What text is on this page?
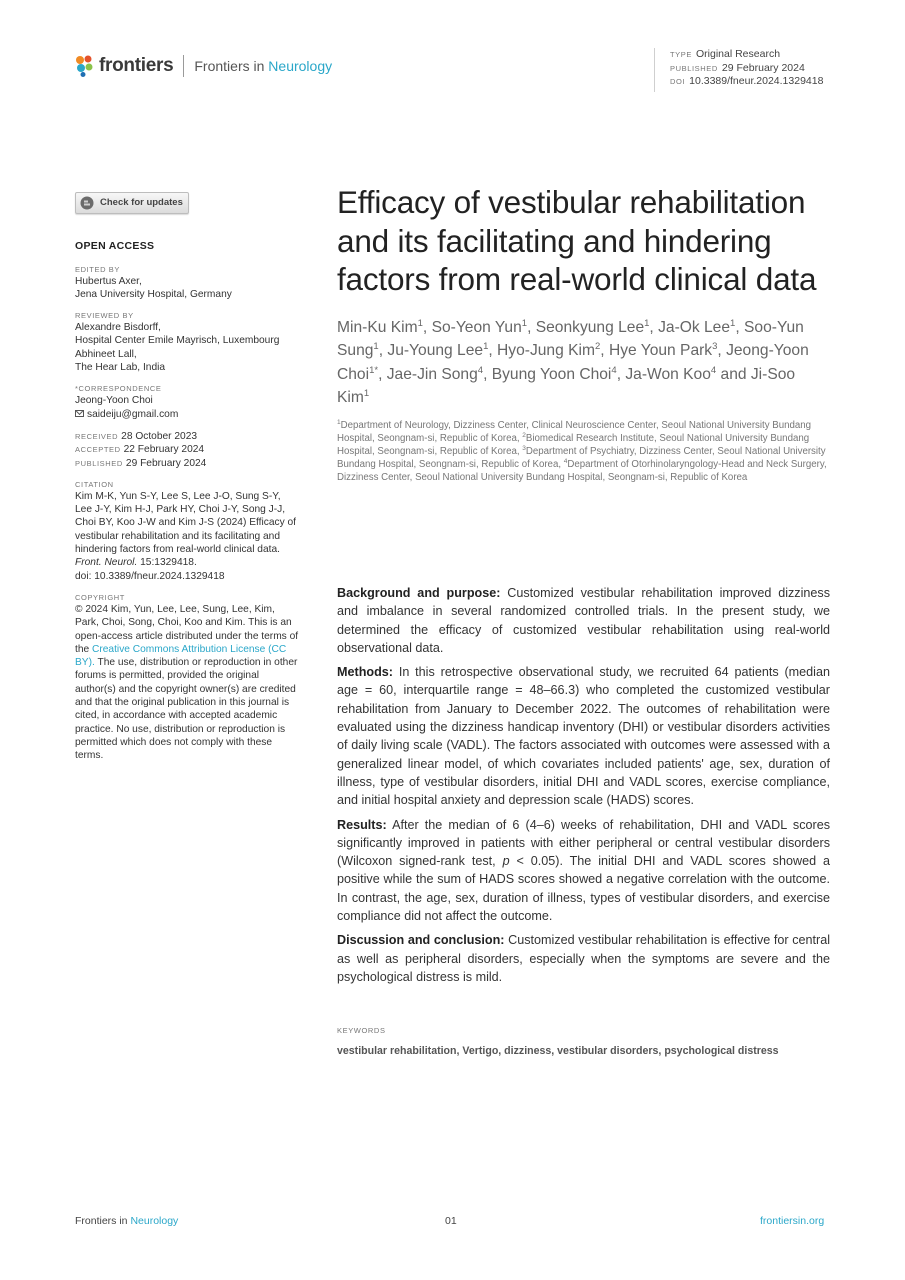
frontiers Frontiers in Neurology
TYPE Original Research
PUBLISHED 29 February 2024
DOI 10.3389/fneur.2024.1329418
Check for updates
OPEN ACCESS
EDITED BY
Hubertus Axer,
Jena University Hospital, Germany
REVIEWED BY
Alexandre Bisdorff,
Hospital Center Emile Mayrisch, Luxembourg
Abhineet Lall,
The Hear Lab, India
*CORRESPONDENCE
Jeong-Yoon Choi
saideiju@gmail.com
RECEIVED 28 October 2023
ACCEPTED 22 February 2024
PUBLISHED 29 February 2024
CITATION
Kim M-K, Yun S-Y, Lee S, Lee J-O, Sung S-Y, Lee J-Y, Kim H-J, Park HY, Choi J-Y, Song J-J, Choi BY, Koo J-W and Kim J-S (2024) Efficacy of vestibular rehabilitation and its facilitating and hindering factors from real-world clinical data.
Front. Neurol. 15:1329418.
doi: 10.3389/fneur.2024.1329418
COPYRIGHT
© 2024 Kim, Yun, Lee, Lee, Sung, Lee, Kim, Park, Choi, Song, Choi, Koo and Kim. This is an open-access article distributed under the terms of the Creative Commons Attribution License (CC BY). The use, distribution or reproduction in other forums is permitted, provided the original author(s) and the copyright owner(s) are credited and that the original publication in this journal is cited, in accordance with accepted academic practice. No use, distribution or reproduction is permitted which does not comply with these terms.
Efficacy of vestibular rehabilitation and its facilitating and hindering factors from real-world clinical data
Min-Ku Kim$^1$, So-Yeon Yun$^1$, Seonkyung Lee$^1$, Ja-Ok Lee$^1$, Soo-Yun Sung$^1$, Ju-Young Lee$^1$, Hyo-Jung Kim$^2$, Hye Youn Park$^3$, Jeong-Yoon Choi$^{1*}$, Jae-Jin Song$^4$, Byung Yoon Choi$^4$, Ja-Won Koo$^4$ and Ji-Soo Kim$^1$
$^1$Department of Neurology, Dizziness Center, Clinical Neuroscience Center, Seoul National University Bundang Hospital, Seongnam-si, Republic of Korea, $^2$Biomedical Research Institute, Seoul National University Bundang Hospital, Seongnam-si, Republic of Korea, $^3$Department of Psychiatry, Dizziness Center, Seoul National University Bundang Hospital, Seongnam-si, Republic of Korea, $^4$Department of Otorhinolaryngology-Head and Neck Surgery, Dizziness Center, Seoul National University Bundang Hospital, Seongnam-si, Republic of Korea

Background and purpose: Customized vestibular rehabilitation improved dizziness and imbalance in several randomized controlled trials. In the present study, we determined the efficacy of customized vestibular rehabilitation using real-world observational data.

Methods: In this retrospective observational study, we recruited 64 patients (median age = 60, interquartile range = 48–66.3) who completed the customized vestibular rehabilitation from January to December 2022. The outcomes of rehabilitation were evaluated using the dizziness handicap inventory (DHI) or vestibular disorders activities of daily living scale (VADL). The factors associated with outcomes were assessed with a generalized linear model, of which covariates included patients' age, sex, duration of illness, type of vestibular disorders, initial DHI and VADL scores, exercise compliance, and initial hospital anxiety and depression scale (HADS) scores.

Results: After the median of 6 (4–6) weeks of rehabilitation, DHI and VADL scores significantly improved in patients with either peripheral or central vestibular disorders (Wilcoxon signed-rank test, p < 0.05). The initial DHI and VADL scores showed a positive while the sum of HADS scores showed a negative correlation with the outcome. In contrast, the age, sex, duration of illness, types of vestibular disorders, and exercise compliance did not affect the outcome.

Discussion and conclusion: Customized vestibular rehabilitation is effective for central as well as peripheral disorders, especially when the symptoms are severe and the psychological distress is mild.

KEYWORDS
vestibular rehabilitation, Vertigo, dizziness, vestibular disorders, psychological distress
Frontiers in Neurology	01	frontiersin.org
